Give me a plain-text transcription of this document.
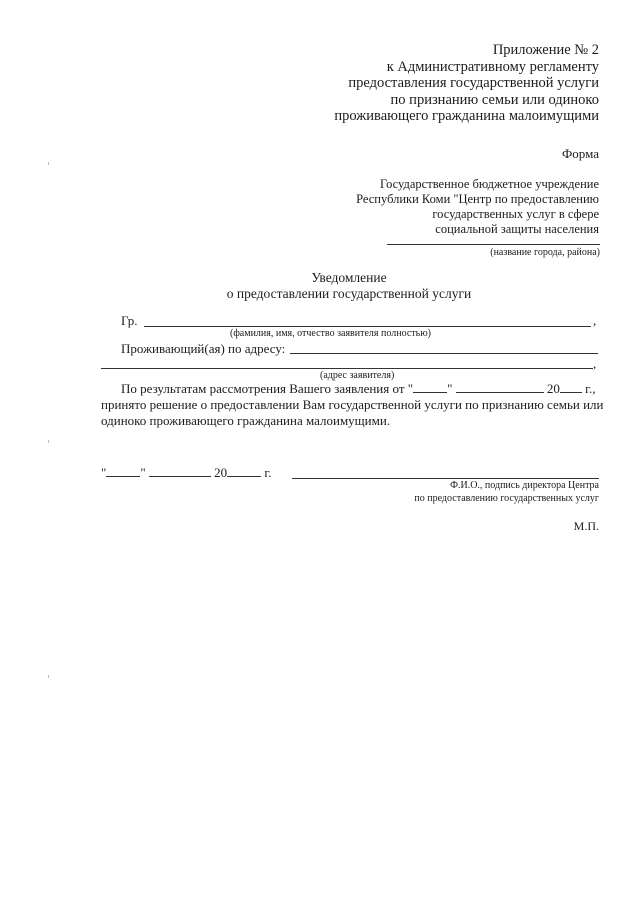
Приложение № 2
к Административному регламенту
предоставления государственной услуги
по признанию семьи или одиноко
проживающего гражданина малоимущими
Форма
Государственное бюджетное учреждение
Республики Коми "Центр по предоставлению
государственных услуг в сфере
социальной защиты населения
(название города, района)
Уведомление
о предоставлении государственной услуги
Гр.	,
(фамилия, имя, отчество заявителя полностью)
Проживающий(ая) по адресу:
,
(адрес заявителя)
По результатам рассмотрения Вашего заявления от "	"	20 г.,
принято решение о предоставлении Вам государственной услуги по признанию семьи или
одиноко проживающего гражданина малоимущими.
"	"	20	г.
Ф.И.О., подпись директора Центра
по предоставлению государственных услуг
М.П.
